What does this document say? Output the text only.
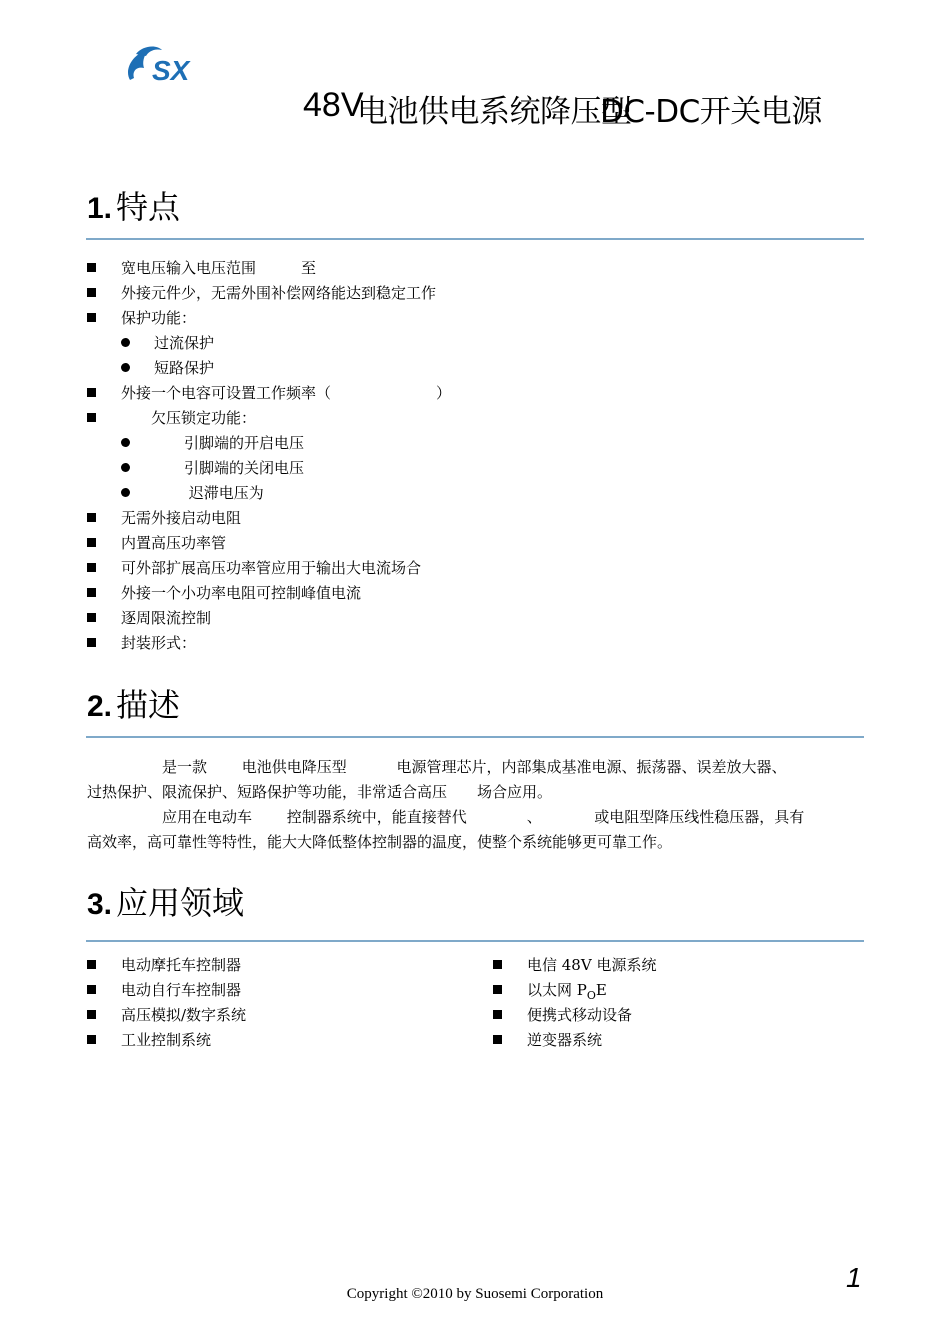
SX
48V
电池供电系统降压型
DC-DC开关电源
1. 特点
宽电压输入电压范围　　　至
外接元件少，无需外围补偿网络能达到稳定工作
保护功能：
过流保护
短路保护
外接一个电容可设置工作频率（　　　　　　　）
　　欠压锁定功能：
　　引脚端的开启电压
　　引脚端的关闭电压
　　 迟滞电压为
无需外接启动电阻
内置高压功率管
可外部扩展高压功率管应用于输出大电流场合
外接一个小功率电阻可控制峰值电流
逐周限流控制
封装形式：
2. 描述
　　　　　是一款　　 电池供电降压型　　　 电源管理芯片，内部集成基准电源、振荡器、误差放大器、
过热保护、限流保护、短路保护等功能，非常适合高压　　场合应用。
　　　　　应用在电动车　　 控制器系统中，能直接替代　　　　、　　　　或电阻型降压线性稳压器，具有
高效率，高可靠性等特性，能大大降低整体控制器的温度，使整个系统能够更可靠工作。
3. 应用领域
电动摩托车控制器
电动自行车控制器
高压模拟/数字系统
工业控制系统
电信 48V 电源系统
以太网 $P_OE$
便携式移动设备
逆变器系统
1
Copyright ©2010 by Suosemi Corporation
